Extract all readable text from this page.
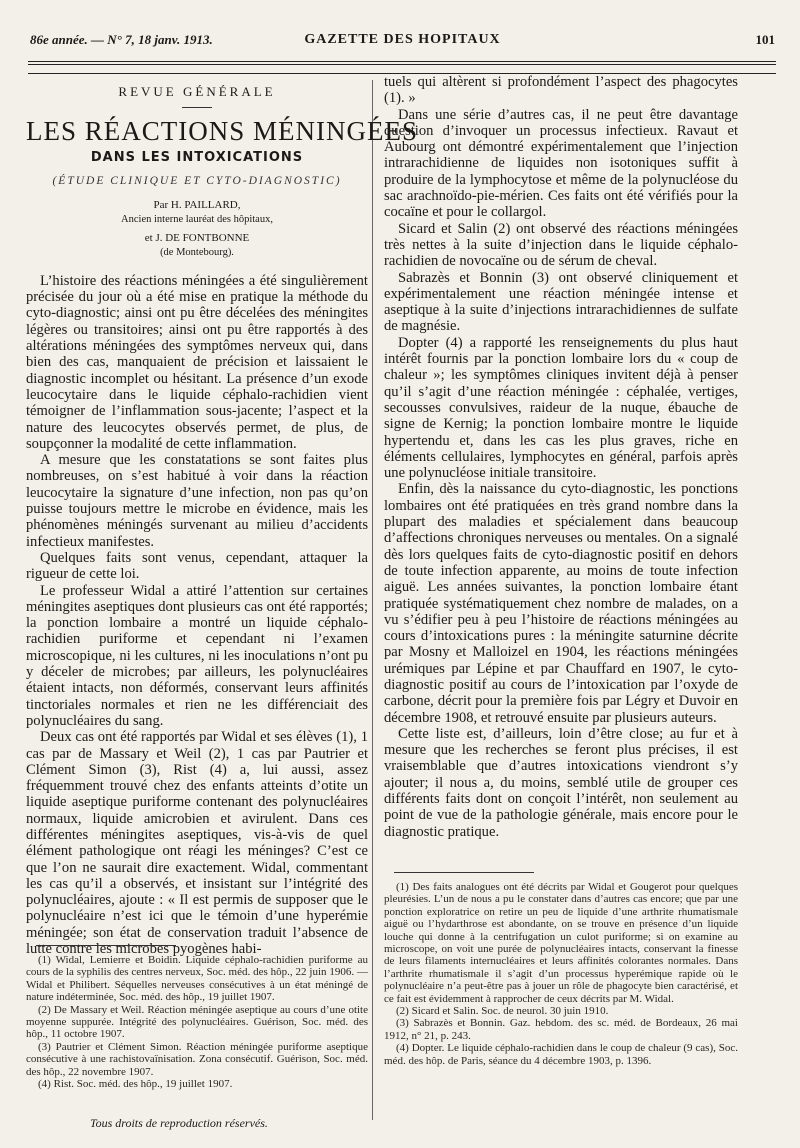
86e année. — N° 7, 18 janv. 1913.	GAZETTE DES HOPITAUX	101
REVUE GÉNÉRALE
LES RÉACTIONS MÉNINGÉES
DANS LES INTOXICATIONS
(ÉTUDE CLINIQUE ET CYTO-DIAGNOSTIC)
Par H. PAILLARD,
Ancien interne lauréat des hôpitaux,
et J. DE FONTBONNE
(de Montebourg).

L’histoire des réactions méningées a été singulièrement précisée du jour où a été mise en pratique la méthode du cyto-diagnostic; ainsi ont pu être décelées des méningites légères ou transitoires; ainsi ont pu être rapportés à des altérations méningées des symptômes nerveux qui, dans bien des cas, manquaient de précision et laissaient le diagnostic incomplet ou hésitant. La présence d’un exode leucocytaire dans le liquide céphalo-rachidien vient témoigner de l’inflammation sous-jacente; l’aspect et la nature des leucocytes observés permet, de plus, de soupçonner la modalité de cette inflammation.

A mesure que les constatations se sont faites plus nombreuses, on s’est habitué à voir dans la réaction leucocytaire la signature d’une infection, non pas qu’on puisse toujours mettre le microbe en évidence, mais les phénomènes méningés survenant au milieu d’accidents infectieux manifestes.

Quelques faits sont venus, cependant, attaquer la rigueur de cette loi.

Le professeur Widal a attiré l’attention sur certaines méningites aseptiques dont plusieurs cas ont été rapportés; la ponction lombaire a montré un liquide céphalo-rachidien puriforme et cependant ni l’examen microscopique, ni les cultures, ni les inoculations n’ont pu y déceler de microbes; par ailleurs, les polynucléaires étaient intacts, non déformés, conservant leurs affinités tinctoriales normales et rien ne les différenciait des polynucléaires du sang.

Deux cas ont été rapportés par Widal et ses élèves (1), 1 cas par de Massary et Weil (2), 1 cas par Pautrier et Clément Simon (3), Rist (4) a, lui aussi, assez fréquemment trouvé chez des enfants atteints d’otite un liquide aseptique puriforme contenant des polynucléaires normaux, liquide amicrobien et avirulent. Dans ces différentes méningites aseptiques, vis-à-vis de quel élément pathologique ont réagi les méninges? C’est ce que l’on ne saurait dire exactement. Widal, commentant les cas qu’il a observés, et insistant sur l’intégrité des polynucléaires, ajoute : « Il est permis de supposer que le polynucléaire n’est ici que le témoin d’une hyperémie méningée; son état de conservation traduit l’absence de lutte contre les microbes pyogènes habi-

tuels qui altèrent si profondément l’aspect des phagocytes (1). »

Dans une série d’autres cas, il ne peut être davantage question d’invoquer un processus infectieux. Ravaut et Aubourg ont démontré expérimentalement que l’injection intrarachidienne de liquides non isotoniques suffit à produire de la lymphocytose et même de la polynucléose du sac arachnoïdo-pie-mérien. Ces faits ont été vérifiés pour la cocaïne et pour le collargol.

Sicard et Salin (2) ont observé des réactions méningées très nettes à la suite d’injection dans le liquide céphalo-rachidien de novocaïne ou de sérum de cheval.

Sabrazès et Bonnin (3) ont observé cliniquement et expérimentalement une réaction méningée intense et aseptique à la suite d’injections intrarachidiennes de sulfate de magnésie.

Dopter (4) a rapporté les renseignements du plus haut intérêt fournis par la ponction lombaire lors du « coup de chaleur »; les symptômes cliniques invitent déjà à penser qu’il s’agit d’une réaction méningée : céphalée, vertiges, secousses convulsives, raideur de la nuque, ébauche de signe de Kernig; la ponction lombaire montre le liquide hypertendu et, dans les cas les plus graves, riche en éléments cellulaires, lymphocytes en général, parfois après une polynucléose initiale transitoire.

Enfin, dès la naissance du cyto-diagnostic, les ponctions lombaires ont été pratiquées en très grand nombre dans la plupart des maladies et spécialement dans beaucoup d’affections chroniques nerveuses ou mentales. On a signalé dès lors quelques faits de cyto-diagnostic positif en dehors de toute infection apparente, au moins de toute infection aiguë. Les années suivantes, la ponction lombaire étant pratiquée systématiquement chez nombre de malades, on a vu s’édifier peu à peu l’histoire de réactions méningées au cours d’intoxications pures : la méningite saturnine décrite par Mosny et Malloizel en 1904, les réactions méningées urémiques par Lépine et par Chauffard en 1907, le cyto-diagnostic positif au cours de l’intoxication par l’oxyde de carbone, décrit pour la première fois par Légry et Duvoir en décembre 1908, et retrouvé ensuite par plusieurs auteurs.

Cette liste est, d’ailleurs, loin d’être close; au fur et à mesure que les recherches se feront plus précises, il est vraisemblable que d’autres intoxications viendront s’y ajouter; il nous a, du moins, semblé utile de grouper ces différents faits dont on conçoit l’intérêt, non seulement au point de vue de la pathologie générale, mais encore pour le diagnostic pratique.

(1) Widal, Lemierre et Boidin. Liquide céphalo-rachidien puriforme au cours de la syphilis des centres nerveux, Soc. méd. des hôp., 22 juin 1906. — Widal et Philibert. Séquelles nerveuses consécutives à un état méningé de nature indéterminée, Soc. méd. des hôp., 19 juillet 1907.

(2) De Massary et Weil. Réaction méningée aseptique au cours d’une otite moyenne suppurée. Intégrité des polynucléaires. Guérison, Soc. méd. des hôp., 11 octobre 1907.

(3) Pautrier et Clément Simon. Réaction méningée puriforme aseptique consécutive à une rachistovaïnisation. Zona consécutif. Guérison, Soc. méd. des hôp., 22 novembre 1907.

(4) Rist. Soc. méd. des hôp., 19 juillet 1907.

(1) Des faits analogues ont été décrits par Widal et Gougerot pour quelques pleurésies. L’un de nous a pu le constater dans d’autres cas encore; que par une ponction exploratrice on retire un peu de liquide d’une arthrite rhumatismale aiguë ou l’hydarthrose est abondante, on se trouve en présence d’un liquide louche qui donne à la centrifugation un culot puriforme; si on examine au microscope, on voit une purée de polynucléaires intacts, conservant la finesse de leurs filaments internucléaires et leurs affinités colorantes normales. Dans l’arthrite rhumatismale il s’agit d’un processus hyperémique rapide où le polynucléaire n’a peut-être pas à jouer un rôle de phagocyte bien caractérisé, et ce fait est évidemment à rapprocher de ceux décrits par M. Widal.

(2) Sicard et Salin. Soc. de neurol. 30 juin 1910.

(3) Sabrazès et Bonnin. Gaz. hebdom. des sc. méd. de Bordeaux, 26 mai 1912, n° 21, p. 243.

(4) Dopter. Le liquide céphalo-rachidien dans le coup de chaleur (9 cas), Soc. méd. des hôp. de Paris, séance du 4 décembre 1903, p. 1396.

Tous droits de reproduction réservés.
